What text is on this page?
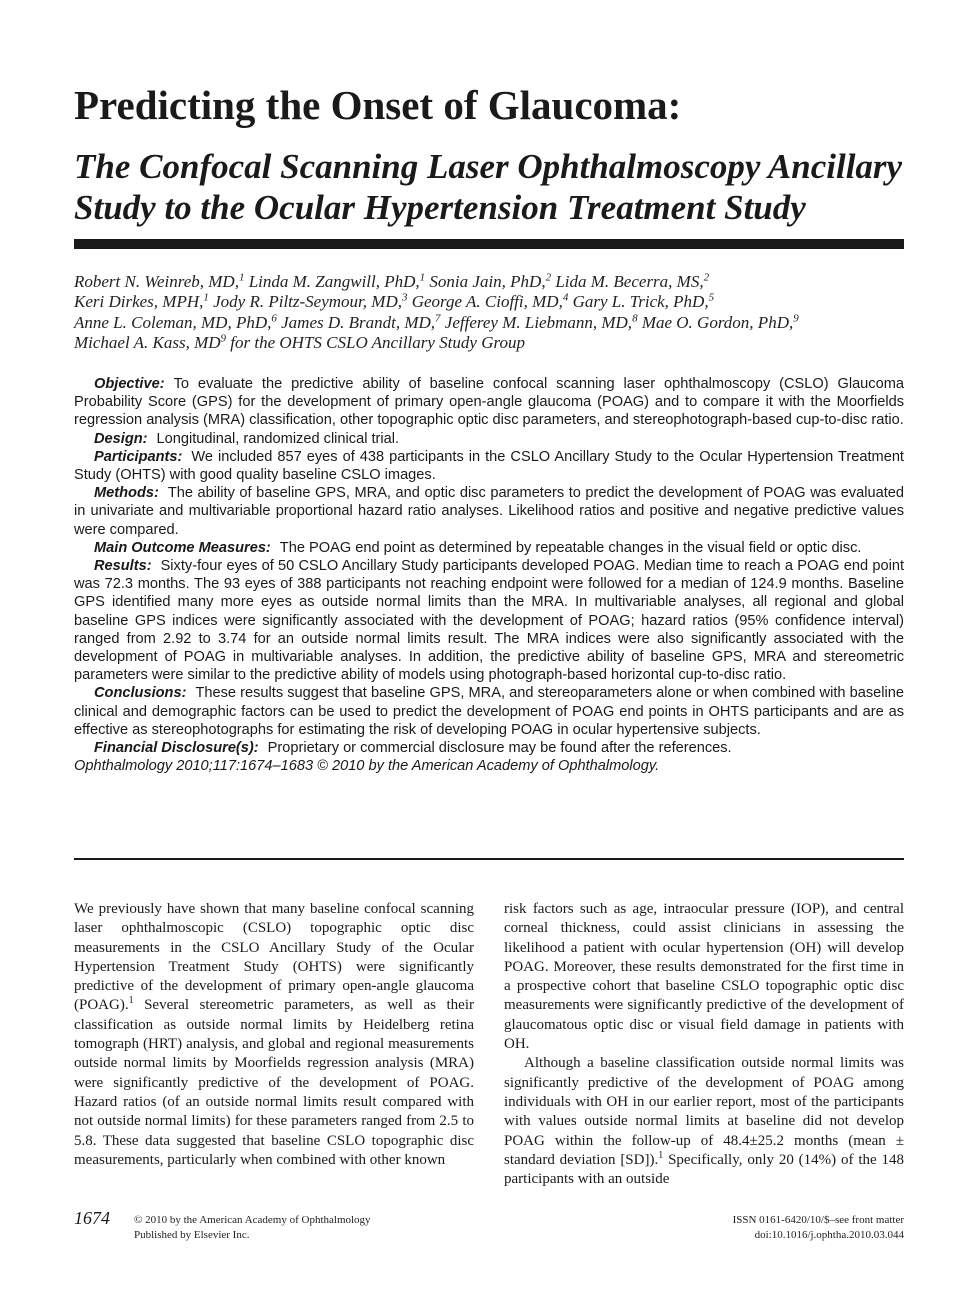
Predicting the Onset of Glaucoma:
The Confocal Scanning Laser Ophthalmoscopy Ancillary Study to the Ocular Hypertension Treatment Study
Robert N. Weinreb, MD,$^1$ Linda M. Zangwill, PhD,$^1$ Sonia Jain, PhD,$^2$ Lida M. Becerra, MS,$^2$
Keri Dirkes, MPH,$^1$ Jody R. Piltz-Seymour, MD,$^3$ George A. Cioffi, MD,$^4$ Gary L. Trick, PhD,$^5$
Anne L. Coleman, MD, PhD,$^6$ James D. Brandt, MD,$^7$ Jefferey M. Liebmann, MD,$^8$ Mae O. Gordon, PhD,$^9$
Michael A. Kass, $MD^9$ for the OHTS CSLO Ancillary Study Group

Objective: To evaluate the predictive ability of baseline confocal scanning laser ophthalmoscopy (CSLO) Glaucoma Probability Score (GPS) for the development of primary open-angle glaucoma (POAG) and to compare it with the Moorfields regression analysis (MRA) classification, other topographic optic disc parameters, and stereophotograph-based cup-to-disc ratio.

Design: Longitudinal, randomized clinical trial.

Participants: We included 857 eyes of 438 participants in the CSLO Ancillary Study to the Ocular Hypertension Treatment Study (OHTS) with good quality baseline CSLO images.

Methods: The ability of baseline GPS, MRA, and optic disc parameters to predict the development of POAG was evaluated in univariate and multivariable proportional hazard ratio analyses. Likelihood ratios and positive and negative predictive values were compared.

Main Outcome Measures: The POAG end point as determined by repeatable changes in the visual field or optic disc.

Results: Sixty-four eyes of 50 CSLO Ancillary Study participants developed POAG. Median time to reach a POAG end point was 72.3 months. The 93 eyes of 388 participants not reaching endpoint were followed for a median of 124.9 months. Baseline GPS identified many more eyes as outside normal limits than the MRA. In multivariable analyses, all regional and global baseline GPS indices were significantly associated with the development of POAG; hazard ratios (95% confidence interval) ranged from 2.92 to 3.74 for an outside normal limits result. The MRA indices were also significantly associated with the development of POAG in multivariable analyses. In addition, the predictive ability of baseline GPS, MRA and stereometric parameters were similar to the predictive ability of models using photograph-based horizontal cup-to-disc ratio.

Conclusions: These results suggest that baseline GPS, MRA, and stereoparameters alone or when combined with baseline clinical and demographic factors can be used to predict the development of POAG end points in OHTS participants and are as effective as stereophotographs for estimating the risk of developing POAG in ocular hypertensive subjects.

Financial Disclosure(s): Proprietary or commercial disclosure may be found after the references.

Ophthalmology 2010;117:1674–1683 © 2010 by the American Academy of Ophthalmology.

We previously have shown that many baseline confocal scanning laser ophthalmoscopic (CSLO) topographic optic disc measurements in the CSLO Ancillary Study of the Ocular Hypertension Treatment Study (OHTS) were significantly predictive of the development of primary open-angle glaucoma (POAG).$^1$ Several stereometric parameters, as well as their classification as outside normal limits by Heidelberg retina tomograph (HRT) analysis, and global and regional measurements outside normal limits by Moorfields regression analysis (MRA) were significantly predictive of the development of POAG. Hazard ratios (of an outside normal limits result compared with not outside normal limits) for these parameters ranged from 2.5 to 5.8. These data suggested that baseline CSLO topographic disc measurements, particularly when combined with other known

risk factors such as age, intraocular pressure (IOP), and central corneal thickness, could assist clinicians in assessing the likelihood a patient with ocular hypertension (OH) will develop POAG. Moreover, these results demonstrated for the first time in a prospective cohort that baseline CSLO topographic optic disc measurements were significantly predictive of the development of glaucomatous optic disc or visual field damage in patients with OH.

Although a baseline classification outside normal limits was significantly predictive of the development of POAG among individuals with OH in our earlier report, most of the participants with values outside normal limits at baseline did not develop POAG within the follow-up of 48.4±25.2 months (mean ± standard deviation [SD]).$^1$ Specifically, only 20 (14%) of the 148 participants with an outside

1674 © 2010 by the American Academy of Ophthalmology
Published by Elsevier Inc.
ISSN 0161-6420/10/$–see front matter
doi:10.1016/j.ophtha.2010.03.044
